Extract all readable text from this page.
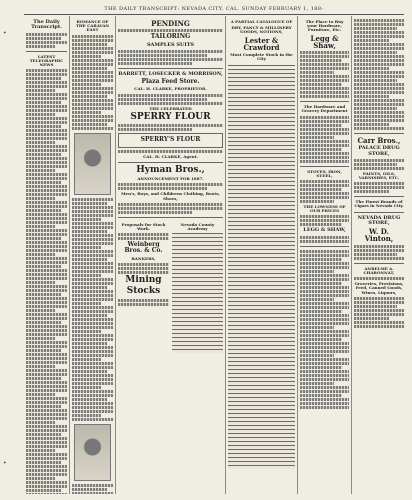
•
•
THE DAILY TRANSCRIPT: NEVADA CITY, CAL. SUNDAY FEBRUARY 1, 188-
The Daily Transcript.
LATEST TELEGRAPHIC NEWS
ROMANCE OF THE CARAVAN EAST
PENDING
TAILORING
SAMPLES SUITS
BARRETT, LOSECKER & MORRISON,
Plaza Feed Store.
CAL. H. CLARKE, PROPRIETOR.
THE CELEBRATED
SPERRY FLOUR
SPERRY'S FLOUR
CAL. H. CLARKE, Agent.
Hyman Bros.,
ANNOUNCEMENT FOR 1887.
Men's, Boys, and Childrens Clothing, Boots, Shoes,
Proposals for Stock Work.
Weinberg Bros. & Co.
BANKERS,
Mining
Stocks
Nevada County Academy
A PARTIAL CATALOGUE OF
DRY, FANCY & MILLINERY GOODS, NOTIONS,
Lester & Crawford
Most Complete Stock in the City
The Place to Buy your Hardware, Furniture, Etc.
Legg & Shaw,
The Hardware and Grocery Department
STOVES, IRON, STEEL,
THE LOWNESS OF OUR PRICES
LEGG & SHAW,
Carr Bros.,
PALACE DRUG STORE,
PAINTS, OILS, VARNISHES, ETC.
The Finest Brands of Cigars in Nevada City.
NEVADA DRUG STORE,
W. D. Vinton,
ANBELME A. CHARONNAT,
Groceries, Provisions, Feed, Canned Goods, Wines, Liquors,
